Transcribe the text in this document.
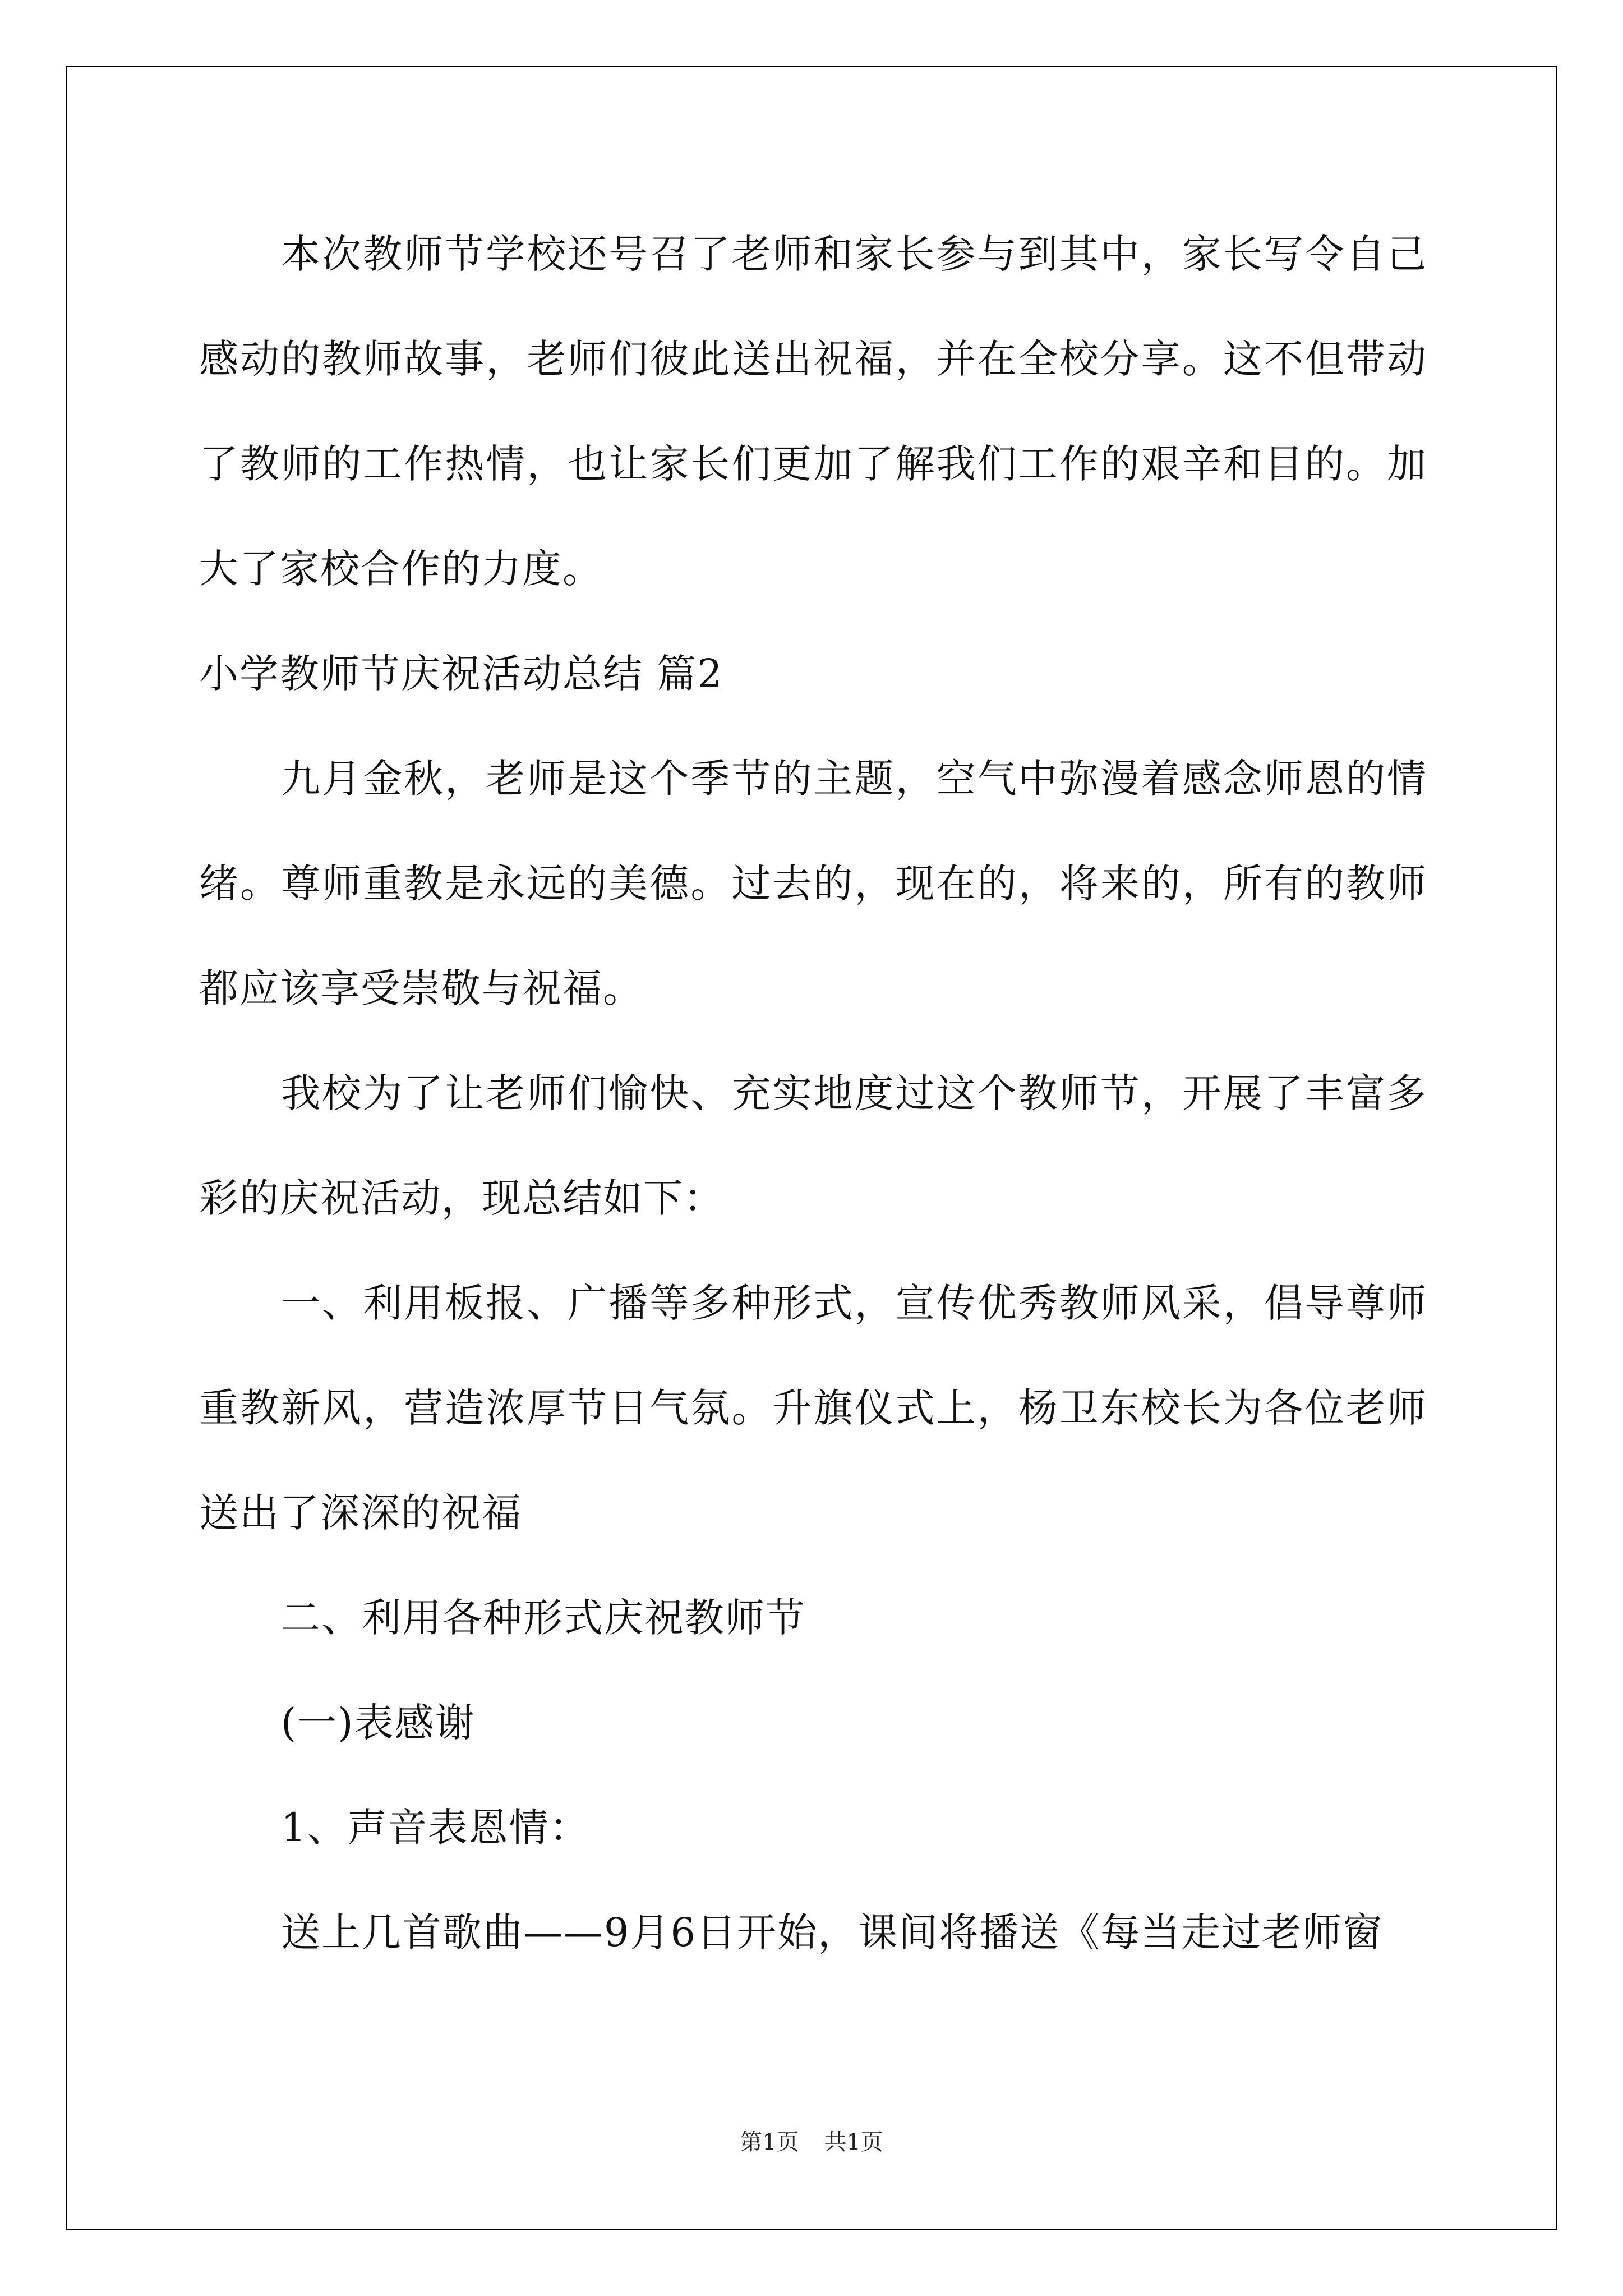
本次教师节学校还号召了老师和家长参与到其中，家长写令自己感动的教师故事，老师们彼此送出祝福，并在全校分享。这不但带动了教师的工作热情，也让家长们更加了解我们工作的艰辛和目的。加大了家校合作的力度。

小学教师节庆祝活动总结 篇2

九月金秋，老师是这个季节的主题，空气中弥漫着感念师恩的情绪。尊师重教是永远的美德。过去的，现在的，将来的，所有的教师都应该享受崇敬与祝福。

我校为了让老师们愉快、充实地度过这个教师节，开展了丰富多彩的庆祝活动，现总结如下：

一、利用板报、广播等多种形式，宣传优秀教师风采，倡导尊师重教新风，营造浓厚节日气氛。升旗仪式上，杨卫东校长为各位老师送出了深深的祝福

二、利用各种形式庆祝教师节

(一)表感谢

1、声音表恩情：

送上几首歌曲——9月6日开始，课间将播送《每当走过老师窗

第1页 共1页
